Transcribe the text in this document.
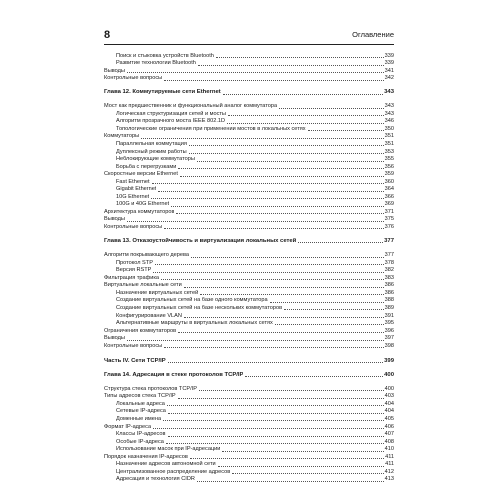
8	Оглавление
Поиск и стыковка устройств Bluetooth	339
Развитие технологии Bluetooth	339
Выводы	341
Контрольные вопросы	342
Глава 12. Коммутируемые сети Ethernet	343
Мост как предшественник и функциональный аналог коммутатора	343
Логическая структуризация сетей и мосты	343
Алгоритм прозрачного моста IEEE 802.1D	346
Топологические ограничения при применении мостов в локальных сетях	350
Коммутаторы	351
Параллельная коммутация	351
Дуплексный режим работы	353
Неблокирующие коммутаторы	355
Борьба с перегрузками	356
Скоростные версии Ethernet	359
Fast Ethernet	360
Gigabit Ethernet	364
10G Ethernet	366
100G и 40G Ethernet	369
Архитектура коммутаторов	371
Выводы	375
Контрольные вопросы	376
Глава 13. Отказоустойчивость и виртуализация локальных сетей	377
Алгоритм покрывающего дерева	377
Протокол STP	378
Версия RSTP	382
Фильтрация трафика	383
Виртуальные локальные сети	386
Назначение виртуальных сетей	386
Создание виртуальных сетей на базе одного коммутатора	388
Создание виртуальных сетей на базе нескольких коммутаторов	389
Конфигурирование VLAN	391
Альтернативные маршруты в виртуальных локальных сетях	395
Ограничения коммутаторов	396
Выводы	397
Контрольные вопросы	398
Часть IV. Сети TCP/IP	399
Глава 14. Адресация в стеке протоколов TCP/IP	400
Структура стека протоколов TCP/IP	400
Типы адресов стека TCP/IP	403
Локальные адреса	404
Сетевые IP-адреса	404
Доменные имена	405
Формат IP-адреса	406
Классы IP-адресов	407
Особые IP-адреса	408
Использование масок при IP-адресации	410
Порядок назначения IP-адресов	411
Назначение адресов автономной сети	411
Централизованное распределение адресов	412
Адресация и технология CIDR	413
